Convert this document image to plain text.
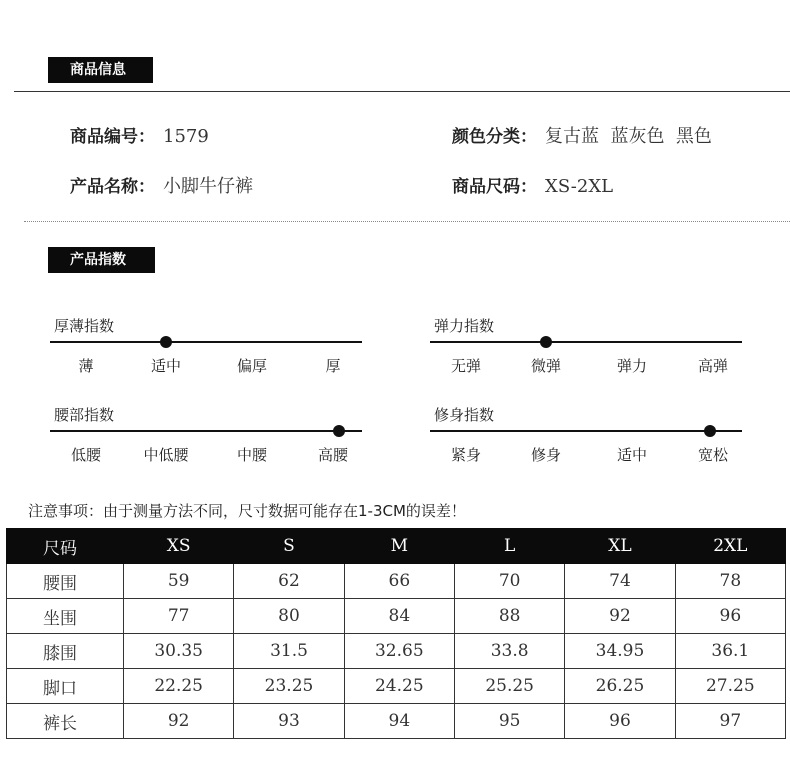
商品信息
商品编号： 1579	颜色分类： 复古蓝  蓝灰色  黑色
产品名称： 小脚牛仔裤	商品尺码： XS-2XL
产品指数
厚薄指数
薄	适中	偏厚	厚
弹力指数
无弹	微弹	弹力	高弹
腰部指数
低腰	中低腰	中腰	高腰
修身指数
紧身	修身	适中	宽松
注意事项：由于测量方法不同，尺寸数据可能存在1-3CM的误差！
尺码	XS	S	M	L	XL	2XL
腰围	59	62	66	70	74	78
坐围	77	80	84	88	92	96
膝围	30.35	31.5	32.65	33.8	34.95	36.1
脚口	22.25	23.25	24.25	25.25	26.25	27.25
裤长	92	93	94	95	96	97
